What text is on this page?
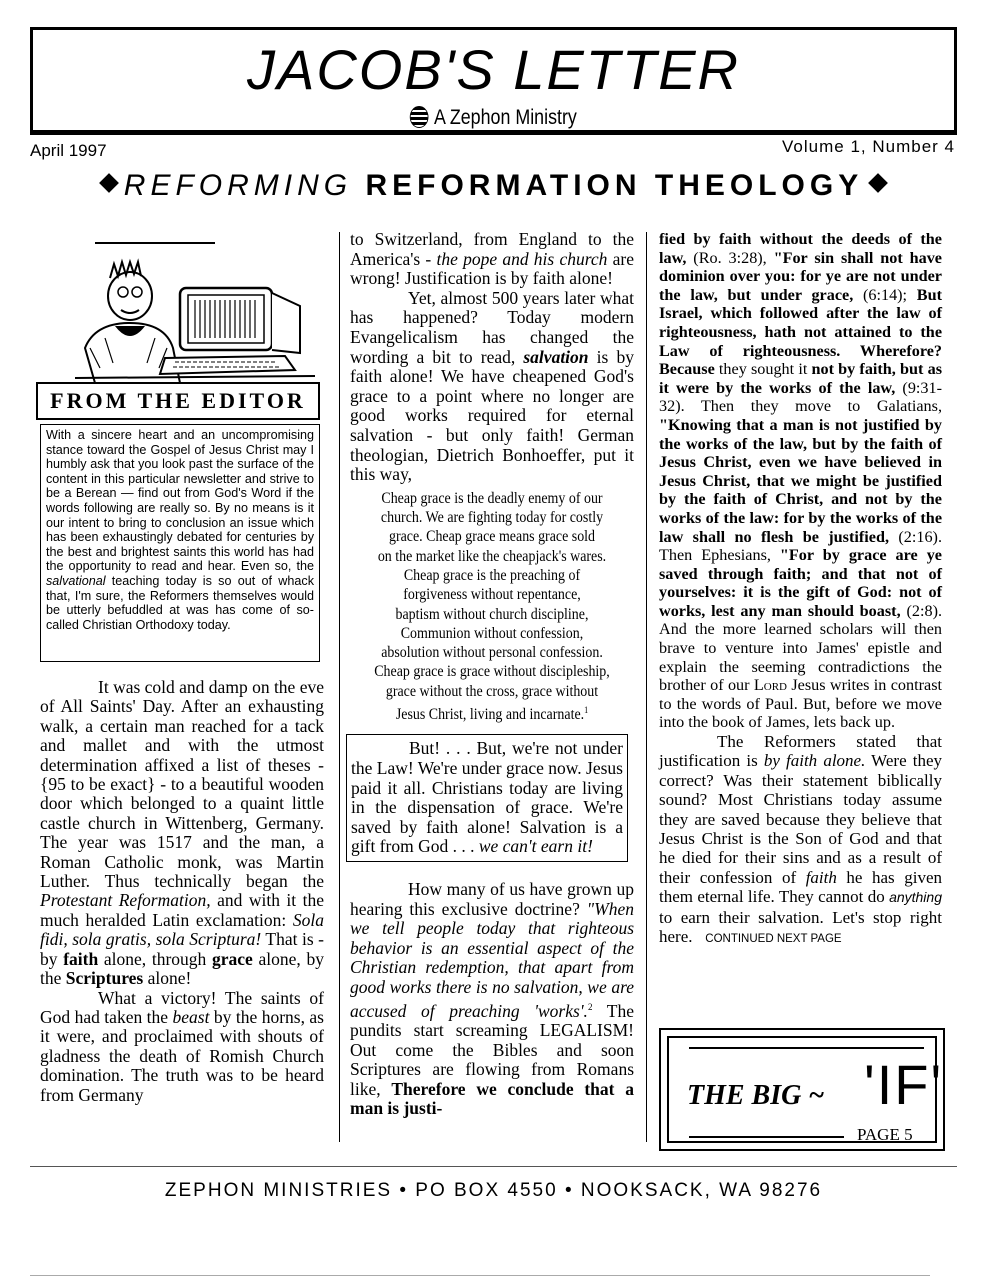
JACOB'S LETTER
A Zephon Ministry
April 1997	Volume 1, Number 4
REFORMING REFORMATION THEOLOGY
FROM THE EDITOR
With a sincere heart and an uncompromising stance toward the Gospel of Jesus Christ may I humbly ask that you look past the surface of the content in this particular newsletter and strive to be a Berean — find out from God's Word if the words following are really so. By no means is it our intent to bring to conclusion an issue which has been exhaustingly debated for centuries by the best and brightest saints this world has had the opportunity to read and hear. Even so, the salvational teaching today is so out of whack that, I'm sure, the Reformers themselves would be utterly befuddled at was has come of so-called Christian Orthodoxy today.

It was cold and damp on the eve of All Saints' Day. After an exhausting walk, a certain man reached for a tack and mallet and with the utmost determination affixed a list of theses - {95 to be exact} - to a beautiful wooden door which belonged to a quaint little castle church in Wittenberg, Germany. The year was 1517 and the man, a Roman Catholic monk, was Martin Luther. Thus technically began the Protestant Reformation, and with it the much heralded Latin exclamation: Sola fidi, sola gratis, sola Scriptura! That is - by faith alone, through grace alone, by the Scriptures alone!

What a victory! The saints of God had taken the beast by the horns, as it were, and proclaimed with shouts of gladness the death of Romish Church domination. The truth was to be heard from Germany

to Switzerland, from England to the America's - the pope and his church are wrong! Justification is by faith alone!

Yet, almost 500 years later what has happened? Today modern Evangelicalism has changed the wording a bit to read, salvation is by faith alone! We have cheapened God's grace to a point where no longer are good works required for eternal salvation - but only faith! German theologian, Dietrich Bonhoeffer, put it this way,

Cheap grace is the deadly enemy of our
church. We are fighting today for costly
grace. Cheap grace means grace sold
on the market like the cheapjack's wares.
Cheap grace is the preaching of
forgiveness without repentance,
baptism without church discipline,
Communion without confession,
absolution without personal confession.
Cheap grace is grace without discipleship,
grace without the cross, grace without
Jesus Christ, living and incarnate.$^1$

But! . . . But, we're not under the Law! We're under grace now. Jesus paid it all. Christians today are living in the dispensation of grace. We're saved by faith alone! Salvation is a gift from God . . . we can't earn it!

How many of us have grown up hearing this exclusive doctrine? "When we tell people today that righteous behavior is an essential aspect of the Christian redemption, that apart from good works there is no salvation, we are accused of preaching 'works'.$^2$ The pundits start screaming LEGALISM! Out come the Bibles and soon Scriptures are flowing from Romans like, Therefore we conclude that a man is justi-

fied by faith without the deeds of the law, (Ro. 3:28), "For sin shall not have dominion over you: for ye are not under the law, but under grace, (6:14); But Israel, which followed after the law of righteousness, hath not attained to the Law of righteousness. Wherefore? Because they sought it not by faith, but as it were by the works of the law, (9:31-32). Then they move to Galatians, "Knowing that a man is not justified by the works of the law, but by the faith of Jesus Christ, even we have believed in Jesus Christ, that we might be justified by the faith of Christ, and not by the works of the law: for by the works of the law shall no flesh be justified, (2:16). Then Ephesians, "For by grace are ye saved through faith; and that not of yourselves: it is the gift of God: not of works, lest any man should boast, (2:8). And the more learned scholars will then brave to venture into James' epistle and explain the seeming contradictions the brother of our Lord Jesus writes in contrast to the words of Paul. But, before we move into the book of James, lets back up.

The Reformers stated that justification is by faith alone. Were they correct? Was their statement biblically sound? Most Christians today assume they are saved because they believe that Jesus Christ is the Son of God and that he died for their sins and as a result of their confession of faith he has given them eternal life. They cannot do anything to earn their salvation. Let's stop right here. CONTINUED NEXT PAGE

THE BIG ~ 'IF'
PAGE 5
ZEPHON MINISTRIES • PO BOX 4550 • NOOKSACK, WA 98276
